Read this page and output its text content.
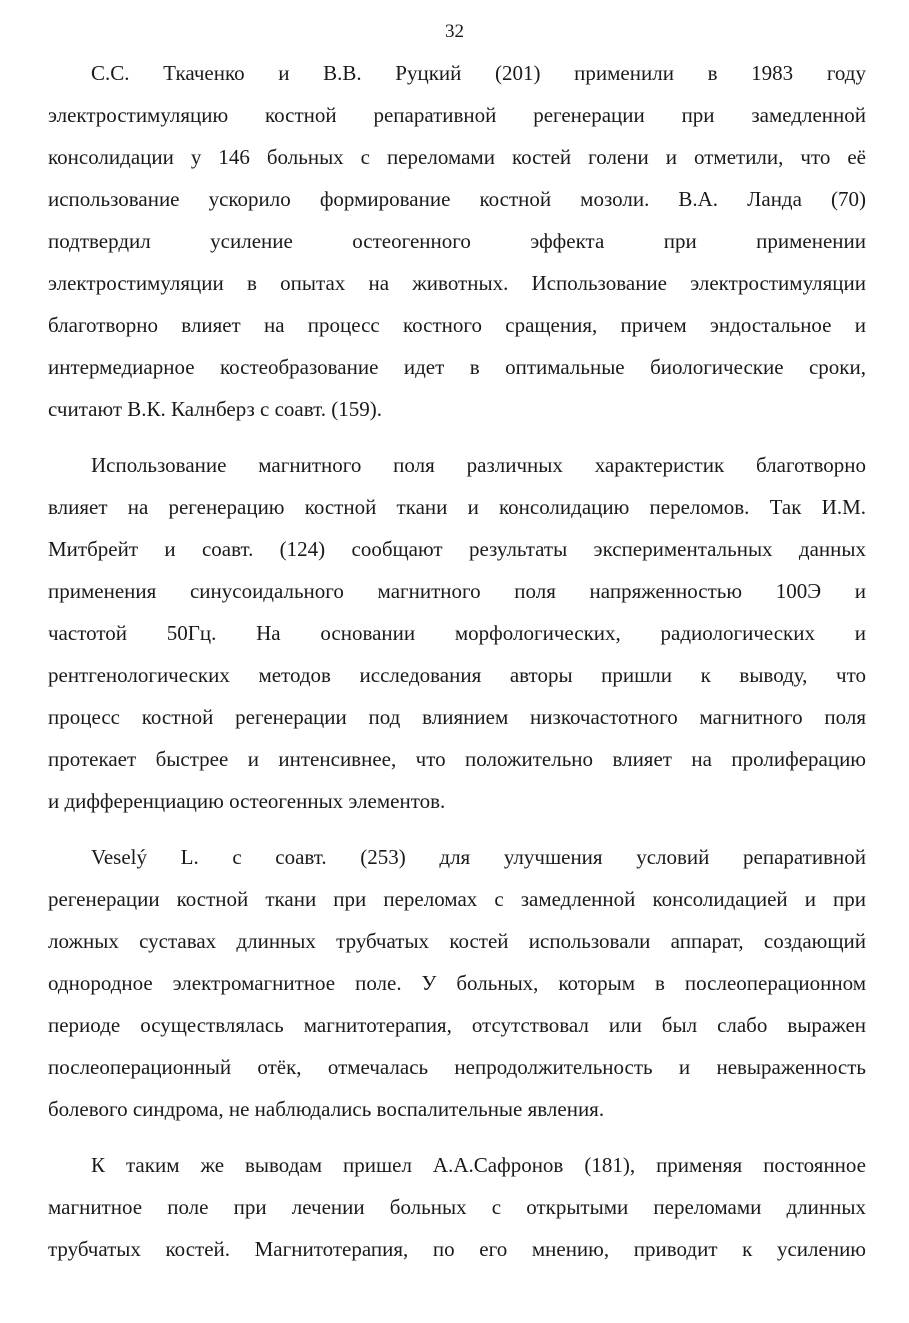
32
С.С. Ткаченко и В.В. Руцкий (201) применили в 1983 году
электростимуляцию костной репаративной регенерации при замедленной
консолидации у 146 больных с переломами костей голени и отметили, что её
использование ускорило формирование костной мозоли. В.А. Ланда (70)
подтвердил усиление остеогенного эффекта при применении
электростимуляции в опытах на животных. Использование электростимуляции
благотворно влияет на процесс костного сращения, причем эндостальное и
интермедиарное костеобразование идет в оптимальные биологические сроки,
считают В.К. Калнберз с соавт. (159).
Использование магнитного поля различных характеристик благотворно
влияет на регенерацию костной ткани и консолидацию переломов. Так И.М.
Митбрейт и соавт. (124) сообщают результаты экспериментальных данных
применения синусоидального магнитного поля напряженностью 100Э и
частотой 50Гц. На основании морфологических, радиологических и
рентгенологических методов исследования авторы пришли к выводу, что
процесс костной регенерации под влиянием низкочастотного магнитного поля
протекает быстрее и интенсивнее, что положительно влияет на пролиферацию
и дифференциацию остеогенных элементов.
Veselý L. с соавт. (253) для улучшения условий репаративной
регенерации костной ткани при переломах с замедленной консолидацией и при
ложных суставах длинных трубчатых костей использовали аппарат, создающий
однородное электромагнитное поле. У больных, которым в послеоперационном
периоде осуществлялась магнитотерапия, отсутствовал или был слабо выражен
послеоперационный отёк, отмечалась непродолжительность и невыраженность
болевого синдрома, не наблюдались воспалительные явления.
К таким же выводам пришел А.А.Сафронов (181), применяя постоянное
магнитное поле при лечении больных с открытыми переломами длинных
трубчатых костей. Магнитотерапия, по его мнению, приводит к усилению
